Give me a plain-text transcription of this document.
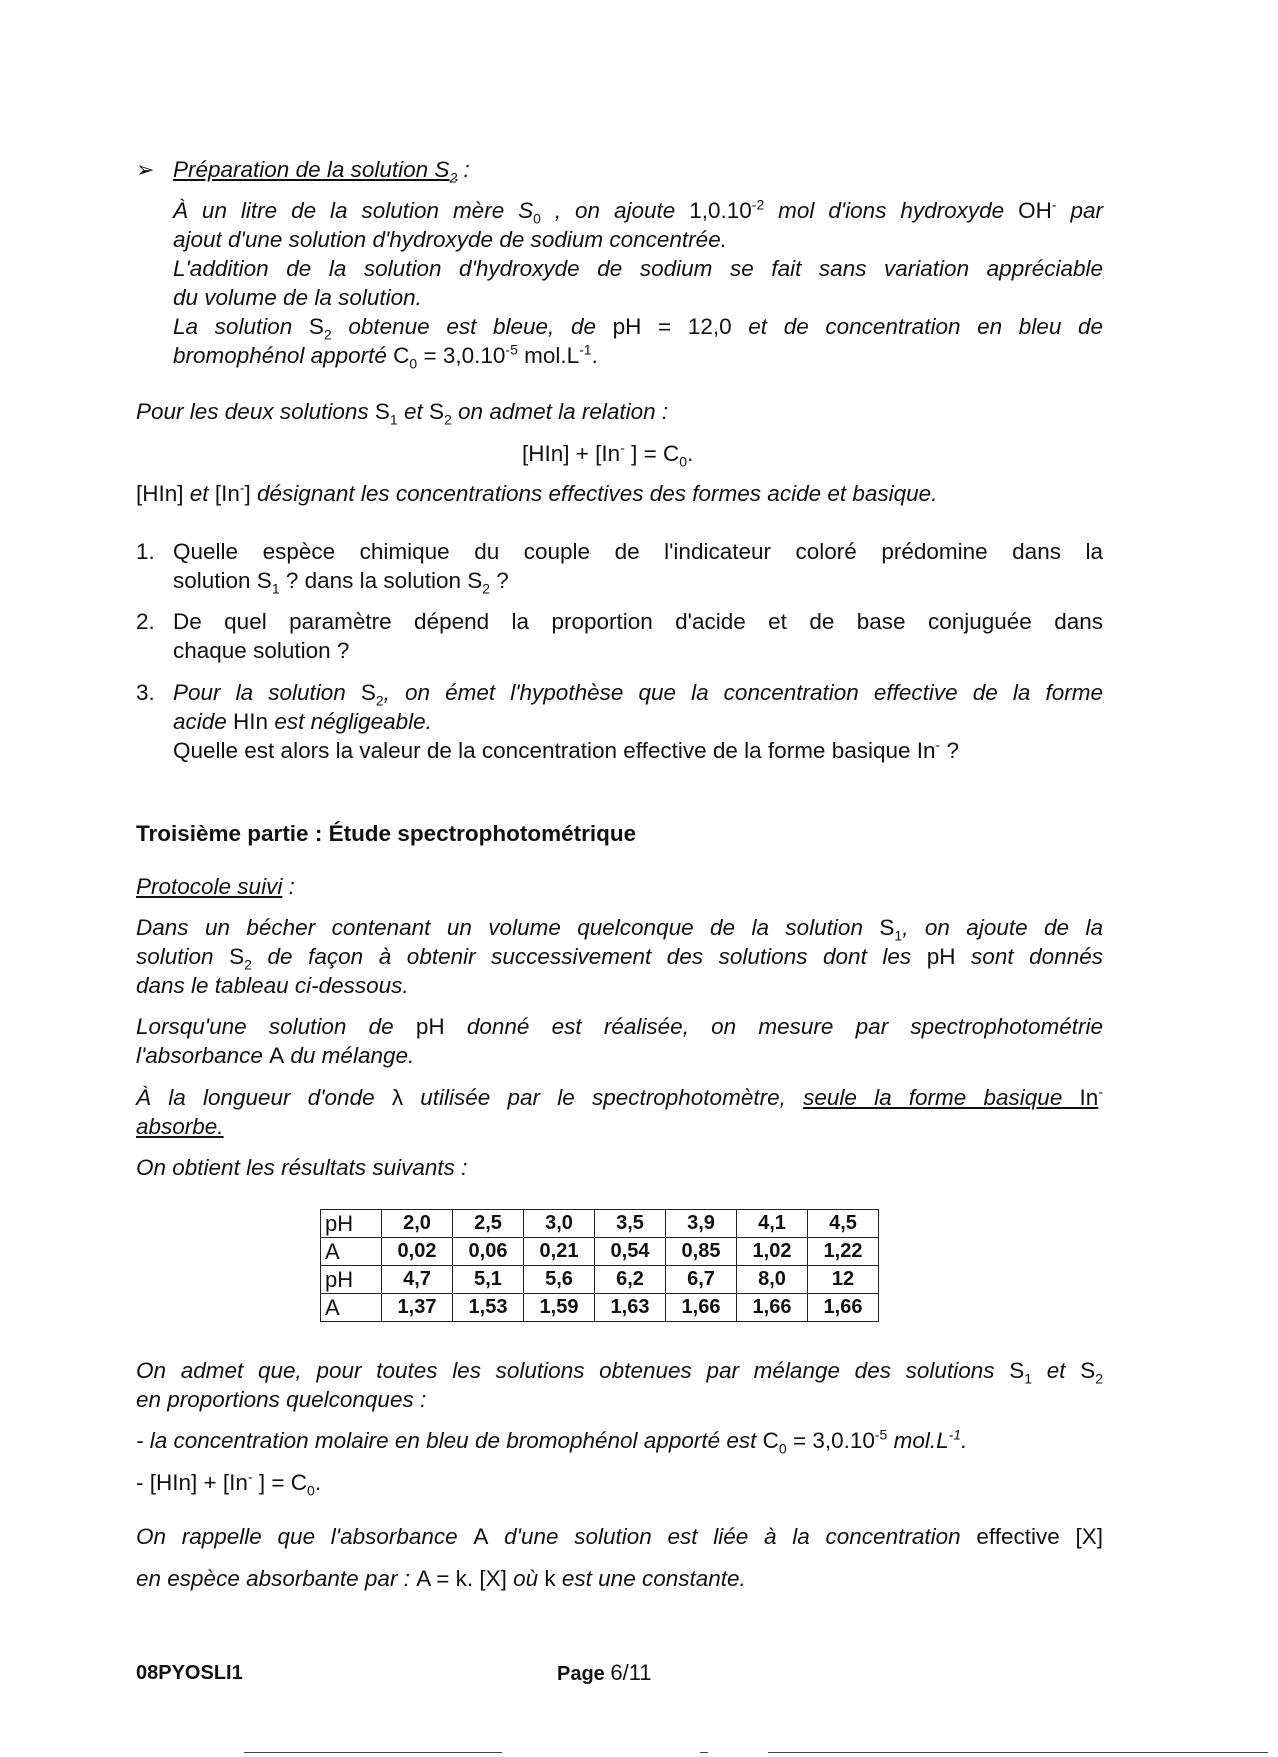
➢ Préparation de la solution $S_2$ :
À un litre de la solution mère $S_0$ , on ajoute $1,0.10^{-2}$ mol d'ions hydroxyde OH- par
ajout d'une solution d'hydroxyde de sodium concentrée.
L'addition de la solution d'hydroxyde de sodium se fait sans variation appréciable
du volume de la solution.
La solution $S_2$ obtenue est bleue, de pH = 12,0 et de concentration en bleu de
bromophénol apporté $C_0 = 3,0.10^{-5}$ $mol.L^{-1}$.
Pour les deux solutions $S_1$ et $S_2$ on admet la relation :
[HIn] + [In- ] = $C_0$.
[HIn] et [In-] désignant les concentrations effectives des formes acide et basique.
1. Quelle espèce chimique du couple de l'indicateur coloré prédomine dans la
solution $S_1$ ? dans la solution $S_2$ ?
2. De quel paramètre dépend la proportion d'acide et de base conjuguée dans
chaque solution ?
3. Pour la solution $S_2$, on émet l'hypothèse que la concentration effective de la forme
acide HIn est négligeable.
Quelle est alors la valeur de la concentration effective de la forme basique In- ?
Troisième partie : Étude spectrophotométrique
Protocole suivi :
Dans un bécher contenant un volume quelconque de la solution $S_1$, on ajoute de la
solution $S_2$ de façon à obtenir successivement des solutions dont les pH sont donnés
dans le tableau ci-dessous.
Lorsqu'une solution de pH donné est réalisée, on mesure par spectrophotométrie
l'absorbance A du mélange.
À la longueur d'onde λ utilisée par le spectrophotomètre, seule la forme basique In-
absorbe.
On obtient les résultats suivants :
pH	2,0	2,5	3,0	3,5	3,9	4,1	4,5
A	0,02	0,06	0,21	0,54	0,85	1,02	1,22
pH	4,7	5,1	5,6	6,2	6,7	8,0	12
A	1,37	1,53	1,59	1,63	1,66	1,66	1,66
On admet que, pour toutes les solutions obtenues par mélange des solutions $S_1$ et $S_2$
en proportions quelconques :
- la concentration molaire en bleu de bromophénol apporté est $C_0 = 3,0.10^{-5}$ $mol.L^{-1}$.
- [HIn] + [In- ] = $C_0$.
On rappelle que l'absorbance A d'une solution est liée à la concentration effective [X]
en espèce absorbante par : A = k. [X] où k est une constante.
08PYOSLI1	Page 6/11
